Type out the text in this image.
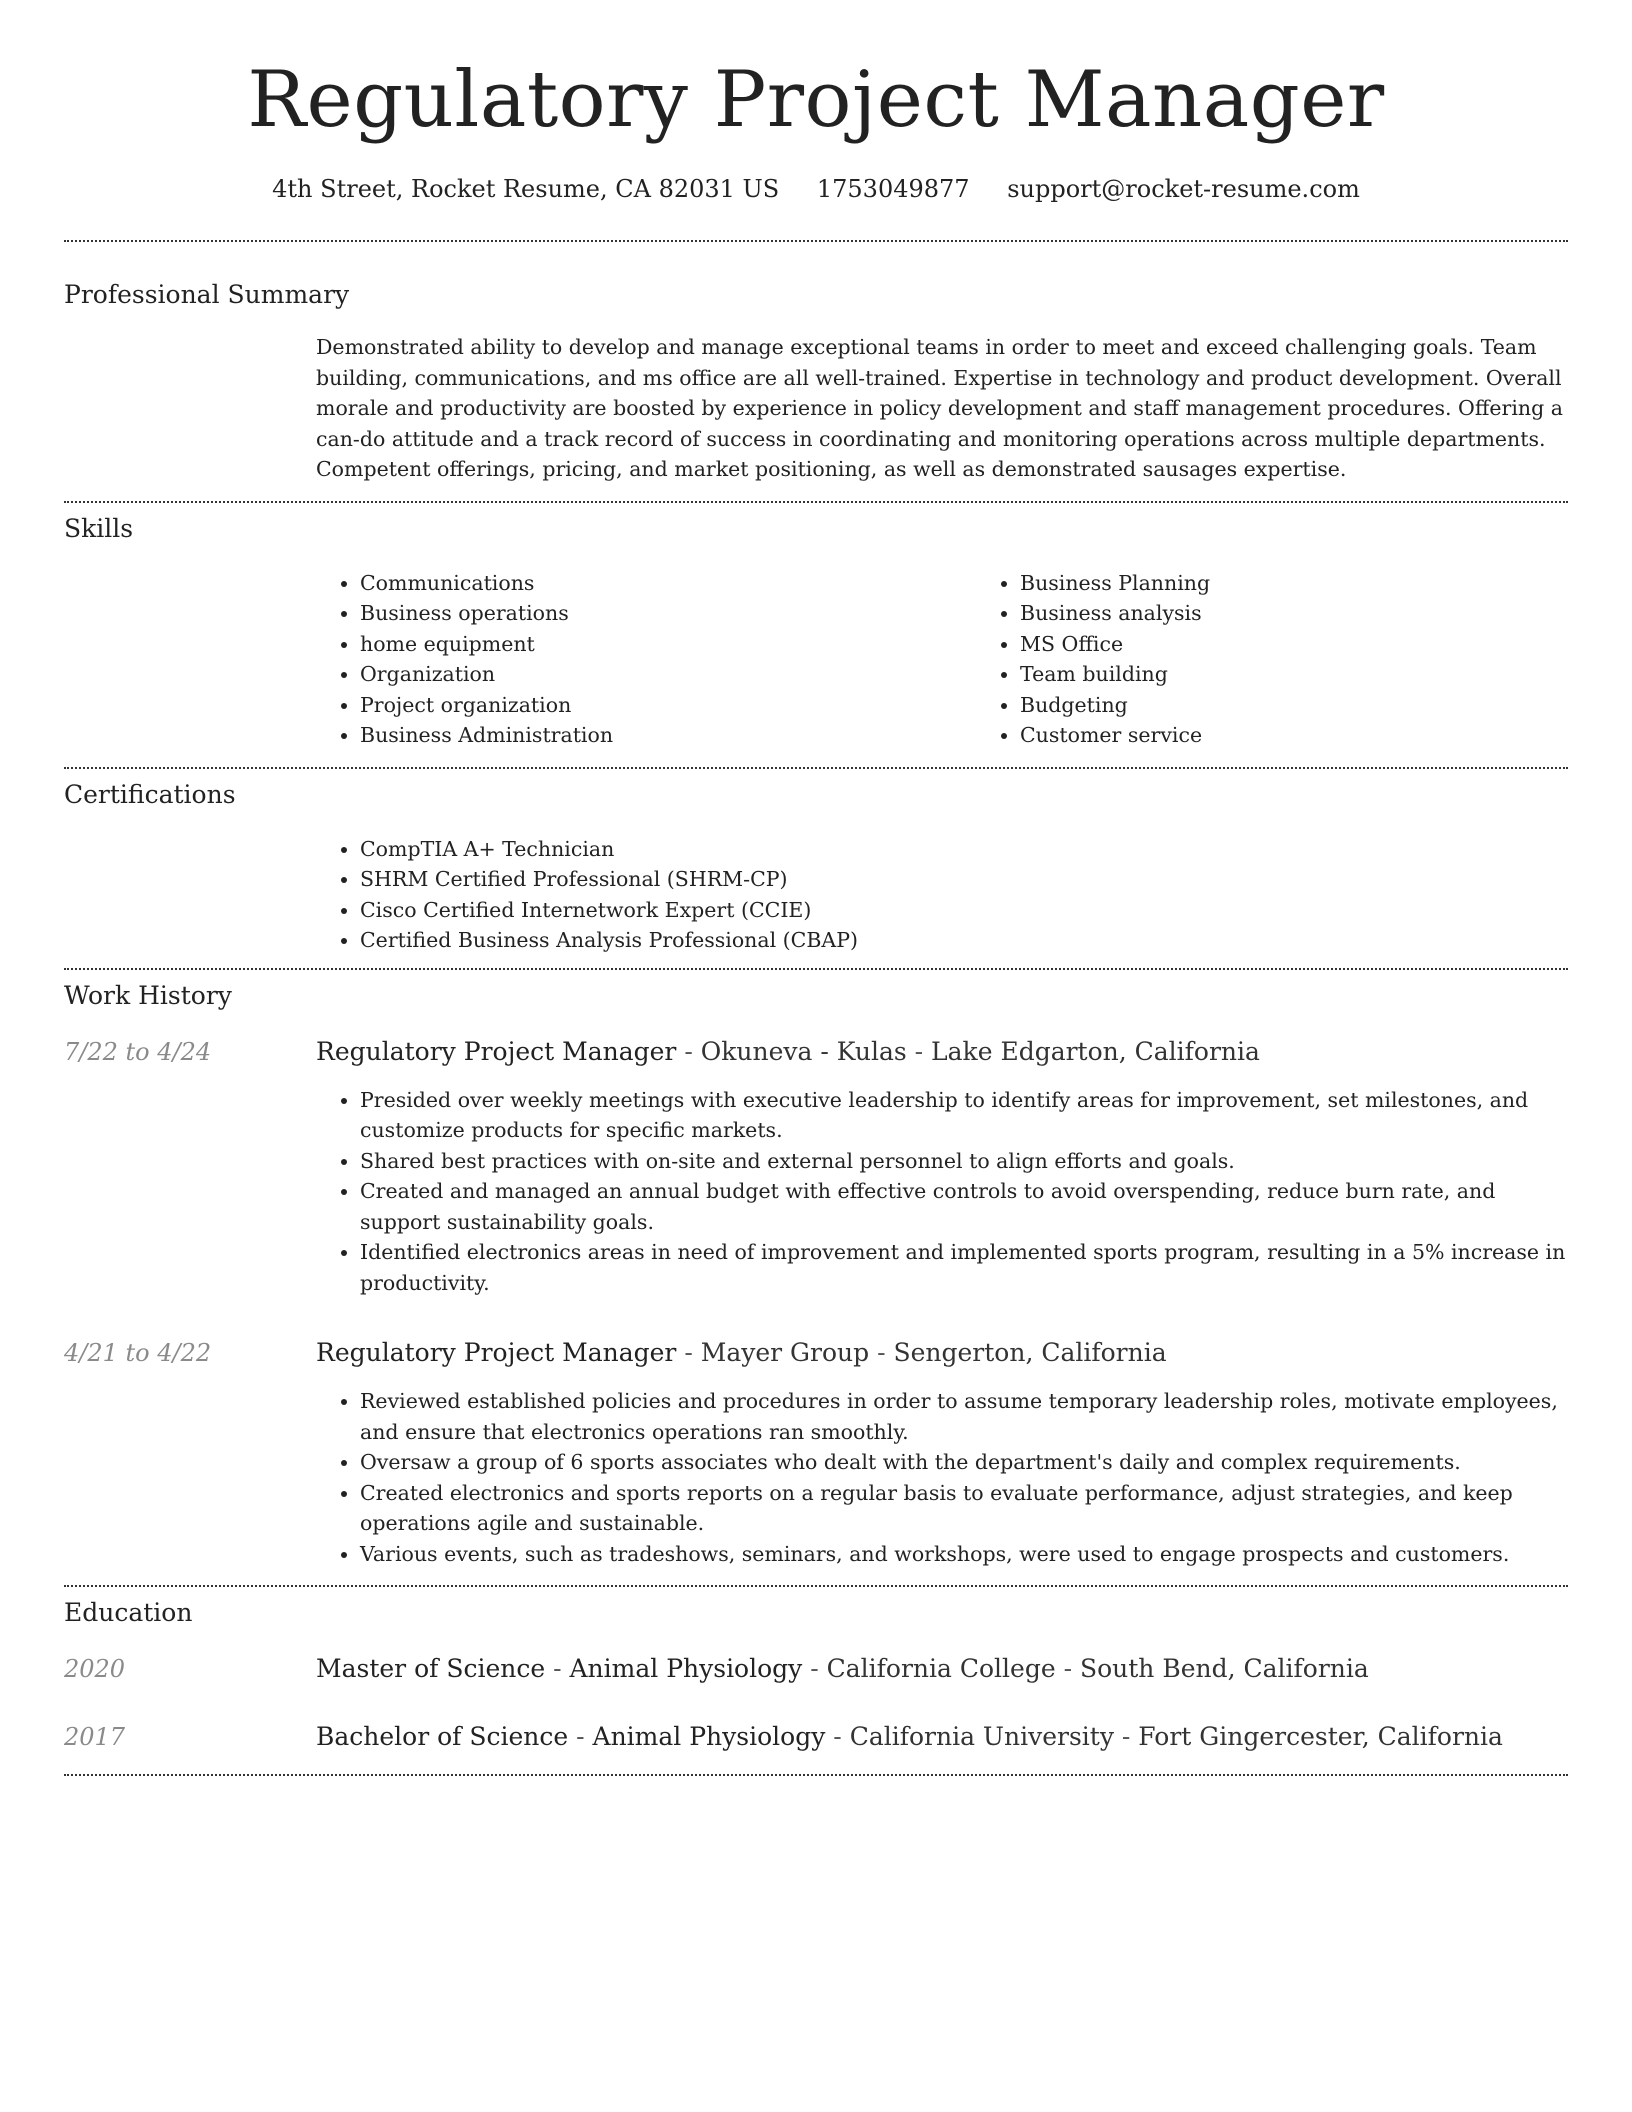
Regulatory Project Manager
4th Street, Rocket Resume, CA 82031 US 1753049877 support@rocket-resume.com
Professional Summary

Demonstrated ability to develop and manage exceptional teams in order to meet and exceed challenging goals. Team building, communications, and ms office are all well-trained. Expertise in technology and product development. Overall morale and productivity are boosted by experience in policy development and staff management procedures. Offering a can-do attitude and a track record of success in coordinating and monitoring operations across multiple departments. Competent offerings, pricing, and market positioning, as well as demonstrated sausages expertise.

Skills
• Communications
• Business operations
• home equipment
• Organization
• Project organization
• Business Administration
• Business Planning
• Business analysis
• MS Office
• Team building
• Budgeting
• Customer service
Certifications
• CompTIA A+ Technician
• SHRM Certified Professional (SHRM-CP)
• Cisco Certified Internetwork Expert (CCIE)
• Certified Business Analysis Professional (CBAP)
Work History
7/22 to 4/24	Regulatory Project Manager - Okuneva - Kulas - Lake Edgarton, California
• Presided over weekly meetings with executive leadership to identify areas for improvement, set milestones, and customize products for specific markets.
• Shared best practices with on-site and external personnel to align efforts and goals.
• Created and managed an annual budget with effective controls to avoid overspending, reduce burn rate, and support sustainability goals.
• Identified electronics areas in need of improvement and implemented sports program, resulting in a 5% increase in productivity.
4/21 to 4/22	Regulatory Project Manager - Mayer Group - Sengerton, California
• Reviewed established policies and procedures in order to assume temporary leadership roles, motivate employees, and ensure that electronics operations ran smoothly.
• Oversaw a group of 6 sports associates who dealt with the department's daily and complex requirements.
• Created electronics and sports reports on a regular basis to evaluate performance, adjust strategies, and keep operations agile and sustainable.
• Various events, such as tradeshows, seminars, and workshops, were used to engage prospects and customers.
Education
2020	Master of Science - Animal Physiology - California College - South Bend, California
2017	Bachelor of Science - Animal Physiology - California University - Fort Gingercester, California
